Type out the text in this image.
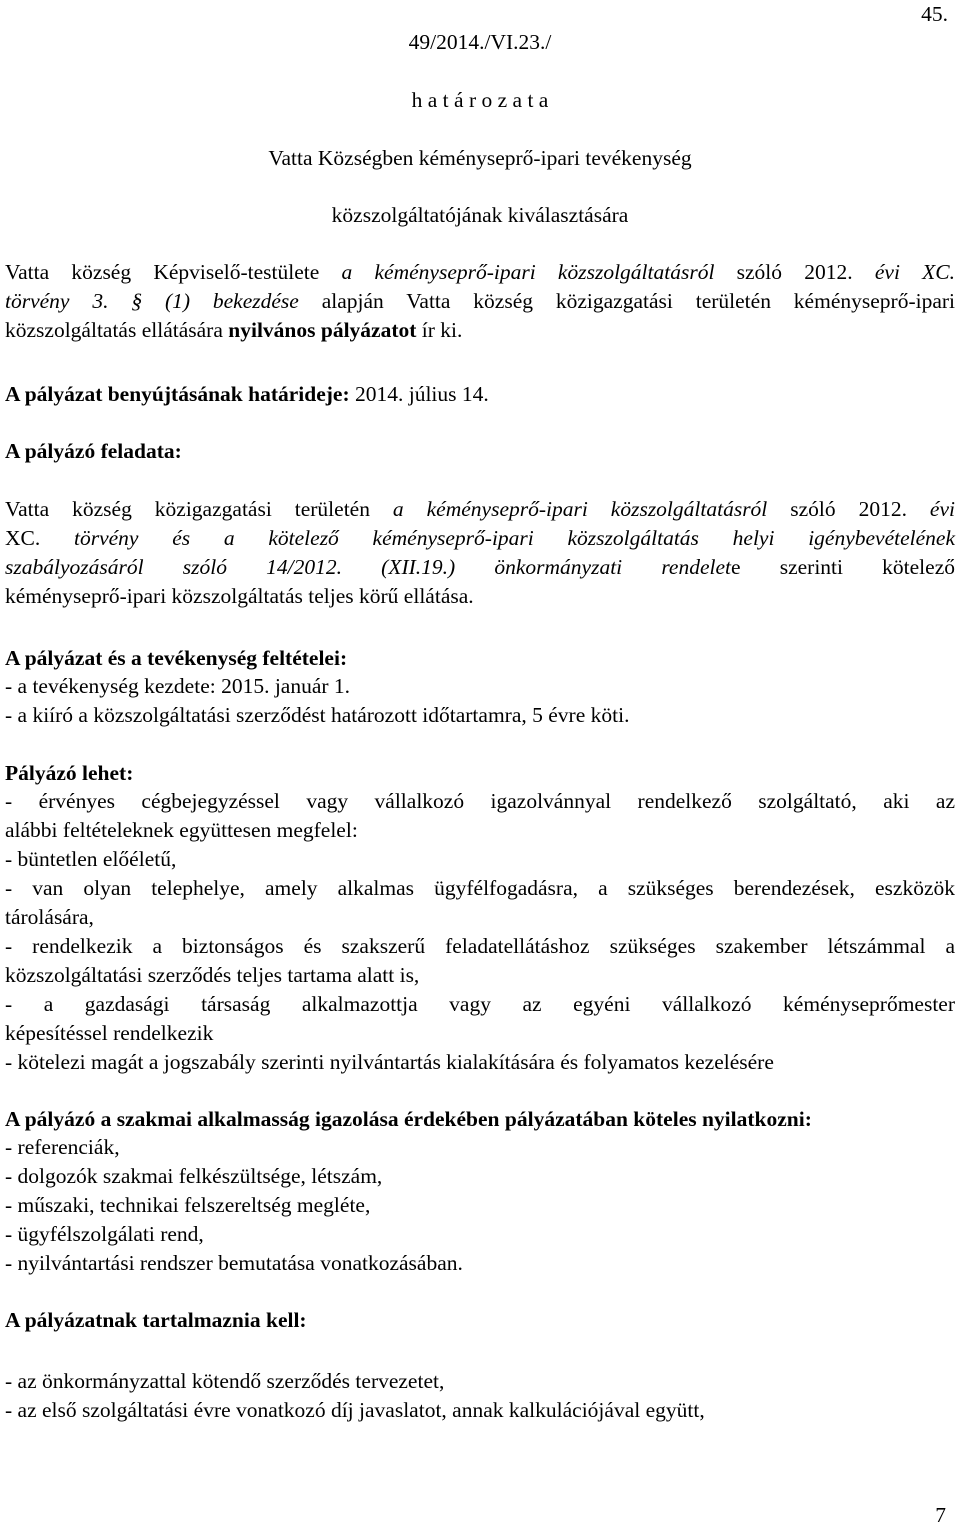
45.
49/2014./VI.23./
h a t á r o z a t a
Vatta Községben kéményseprő-ipari tevékenység
közszolgáltatójának kiválasztására
Vatta község Képviselő-testülete a kéményseprő-ipari közszolgáltatásról szóló 2012. évi XC.
törvény 3. § (1) bekezdése alapján Vatta község közigazgatási területén kéményseprő-ipari
közszolgáltatás ellátására nyilvános pályázatot ír ki.
A pályázat benyújtásának határideje: 2014. július 14.
A pályázó feladata:
Vatta község közigazgatási területén a kéményseprő-ipari közszolgáltatásról szóló 2012. évi
XC. törvény és a kötelező kéményseprő-ipari közszolgáltatás helyi igénybevételének
szabályozásáról szóló 14/2012. (XII.19.) önkormányzati rendelete szerinti kötelező
kéményseprő-ipari közszolgáltatás teljes körű ellátása.
A pályázat és a tevékenység feltételei:
- a tevékenység kezdete: 2015. január 1.
- a kiíró a közszolgáltatási szerződést határozott időtartamra, 5 évre köti.
Pályázó lehet:
- érvényes cégbejegyzéssel vagy vállalkozó igazolvánnyal rendelkező szolgáltató, aki az
alábbi feltételeknek együttesen megfelel:
- büntetlen előéletű,
- van olyan telephelye, amely alkalmas ügyfélfogadásra, a szükséges berendezések, eszközök
tárolására,
- rendelkezik a biztonságos és szakszerű feladatellátáshoz szükséges szakember létszámmal a
közszolgáltatási szerződés teljes tartama alatt is,
- a gazdasági társaság alkalmazottja vagy az egyéni vállalkozó kéményseprőmester
képesítéssel rendelkezik
- kötelezi magát a jogszabály szerinti nyilvántartás kialakítására és folyamatos kezelésére
A pályázó a szakmai alkalmasság igazolása érdekében pályázatában köteles nyilatkozni:
- referenciák,
- dolgozók szakmai felkészültsége, létszám,
- műszaki, technikai felszereltség megléte,
- ügyfélszolgálati rend,
- nyilvántartási rendszer bemutatása vonatkozásában.
A pályázatnak tartalmaznia kell:
- az önkormányzattal kötendő szerződés tervezetet,
- az első szolgáltatási évre vonatkozó díj javaslatot, annak kalkulációjával együtt,
7
